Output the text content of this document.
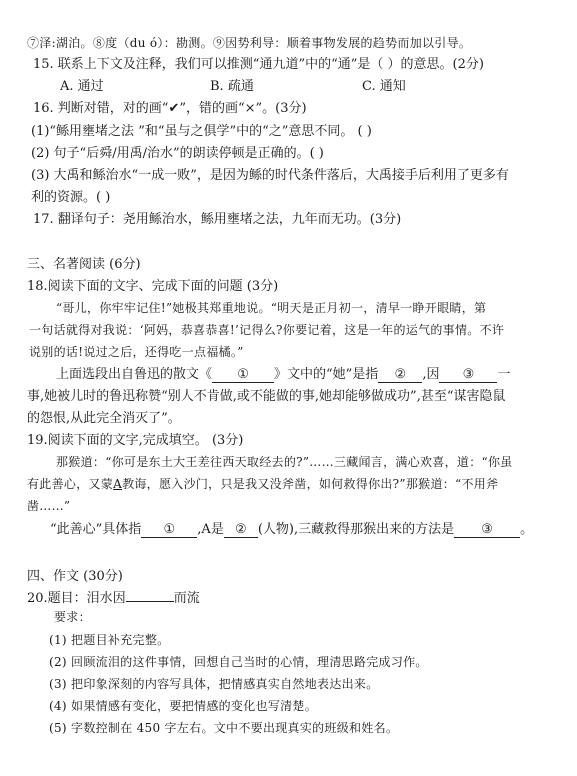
⑦泽:湖泊。⑧度（du ó）：勘测。⑨因势利导：顺着事物发展的趋势而加以引导。
15. 联系上下文及注释，我们可以推测“通九道”中的“通”是（ ）的意思。(2分)
A. 通过	B. 疏通	C. 通知
16. 判断对错，对的画“✔”，错的画“×”。(3分)
(1)“鲧用壅堵之法 ”和“虽与之俱学”中的“之”意思不同。 ( )
(2) 句子“后舜/用禹/治水”的朗读停顿是正确的。( )
(3) 大禹和鲧治水“一成一败”，是因为鲧的时代条件落后，大禹接手后利用了更多有
利的资源。( )
17. 翻译句子：尧用鲧治水，鲧用壅堵之法，九年而无功。(3分)
三、名著阅读 (6分)
18.阅读下面的文字、完成下面的问题 (3分)
“哥儿，你牢牢记住!”她极其郑重地说。“明天是正月初一，清早一睁开眼睛，第
一句话就得对我说：‘阿妈，恭喜恭喜!’记得么?你要记着，这是一年的运气的事情。不许
说别的话!说过之后，还得吃一点福橘。”
上面选段出自鲁迅的散文《 ① 》文中的“她”是指 ② ,因 ③ 一
事,她被儿时的鲁迅称赞“别人不肯做,或不能做的事,她却能够做成功”,甚至“谋害隐鼠
的怨恨,从此完全消灭了”。
19.阅读下面的文字,完成填空。 (3分)
那猴道：“你可是东土大王差往西天取经去的?”……三藏闻言，满心欢喜，道：“你虽
有此善心，又蒙A教诲，愿入沙门，只是我又没斧凿，如何救得你出?”那猴道：“不用斧
凿……”
“此善心”具体指 ① ,A是 ② (人物),三藏救得那猴出来的方法是 ③ 。
四、作文 (30分)
20.题目：泪水因	而流
要求：
(1) 把题目补充完整。
(2) 回顾流泪的这件事情，回想自己当时的心情，理清思路完成习作。
(3) 把印象深刻的内容写具体，把情感真实自然地表达出来。
(4) 如果情感有变化，要把情感的变化也写清楚。
(5) 字数控制在 450 字左右。文中不要出现真实的班级和姓名。
